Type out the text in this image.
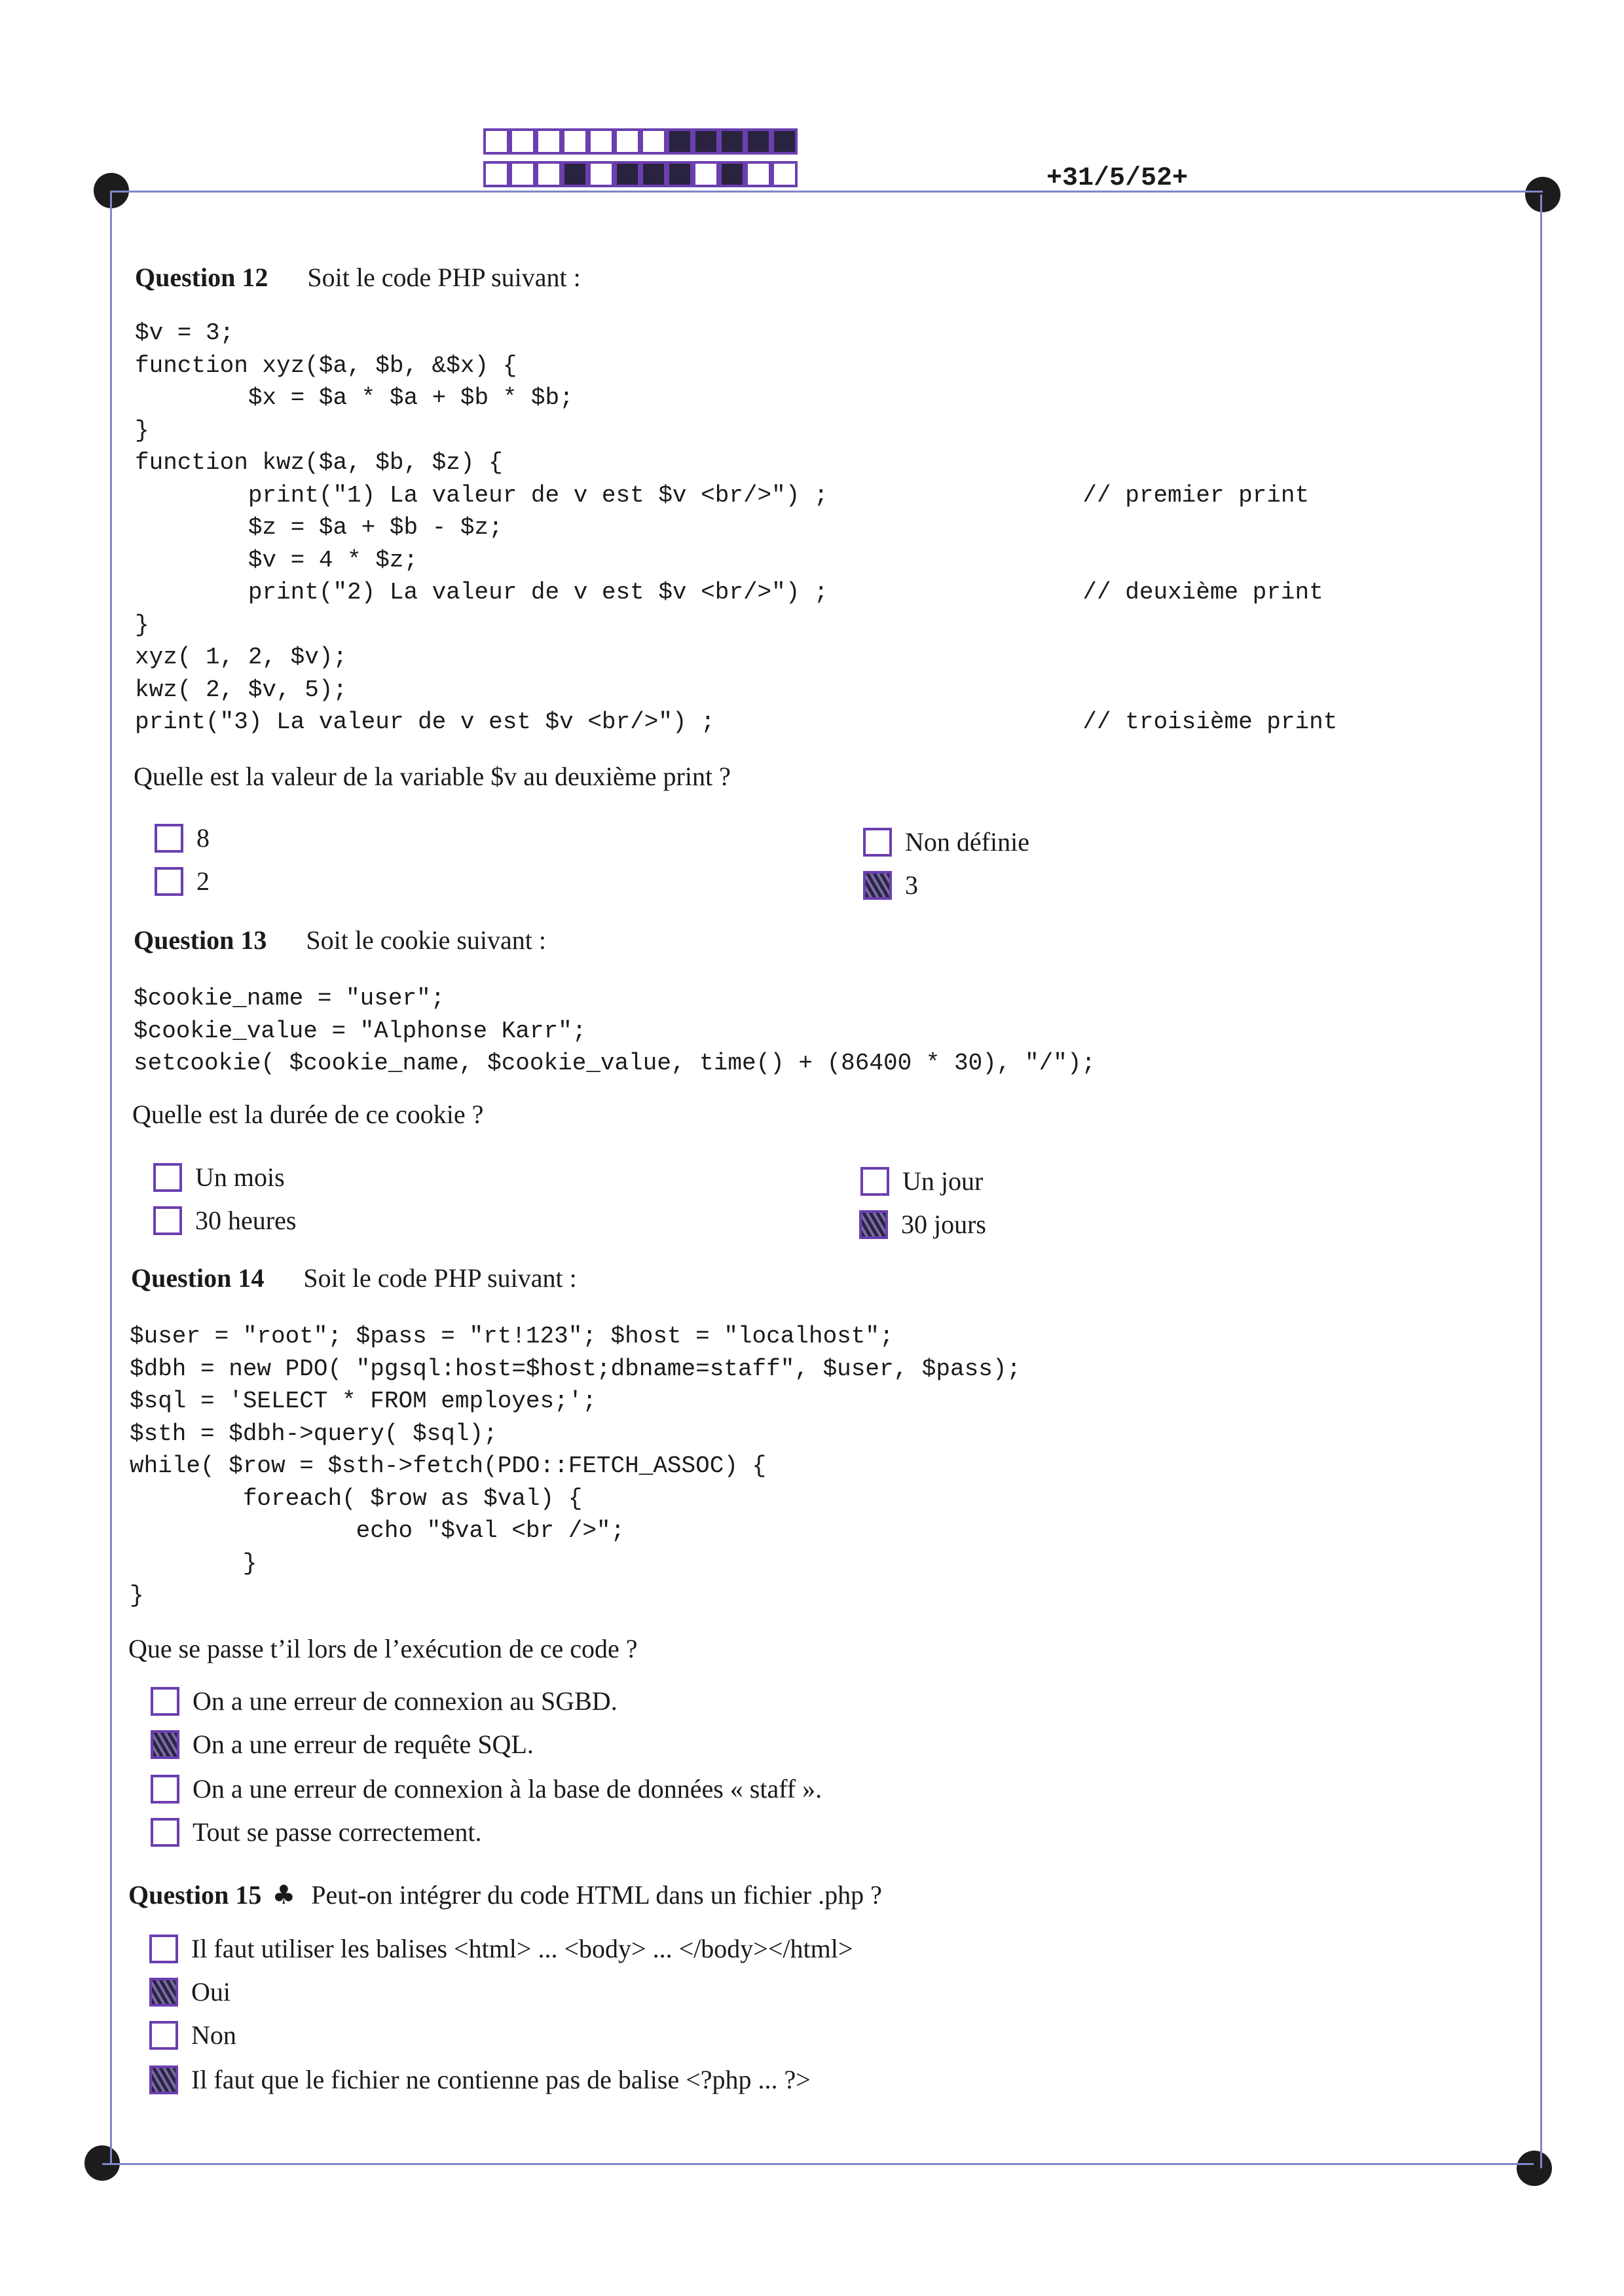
+31/5/52+
Question 12 Soit le code PHP suivant :
$v = 3;
function xyz($a, $b, &$x) {
$x = $a * $a + $b * $b;
}
function kwz($a, $b, $z) {
print("1) La valeur de v est $v <br/>") ;                  // premier print
$z = $a + $b - $z;
$v = 4 * $z;
print("2) La valeur de v est $v <br/>") ;                  // deuxième print
}
xyz( 1, 2, $v);
kwz( 2, $v, 5);
print("3) La valeur de v est $v <br/>") ;                          // troisième print
Quelle est la valeur de la variable $v au deuxième print ?
8
2
Non définie
3
Question 13 Soit le cookie suivant :
$cookie_name = "user";
$cookie_value = "Alphonse Karr";
setcookie( $cookie_name, $cookie_value, time() + (86400 * 30), "/");
Quelle est la durée de ce cookie ?
Un mois
30 heures
Un jour
30 jours
Question 14 Soit le code PHP suivant :
$user = "root"; $pass = "rt!123"; $host = "localhost";
$dbh = new PDO( "pgsql:host=$host;dbname=staff", $user, $pass);
$sql = 'SELECT * FROM employes;';
$sth = $dbh->query( $sql);
while( $row = $sth->fetch(PDO::FETCH_ASSOC) {
foreach( $row as $val) {
echo "$val <br />";
}
}
Que se passe t’il lors de l’exécution de ce code ?
On a une erreur de connexion au SGBD.
On a une erreur de requête SQL.
On a une erreur de connexion à la base de données « staff ».
Tout se passe correctement.
Question 15 ♣ Peut-on intégrer du code HTML dans un fichier .php ?
Il faut utiliser les balises <html> ... <body> ... </body></html>
Oui
Non
Il faut que le fichier ne contienne pas de balise <?php ... ?>
